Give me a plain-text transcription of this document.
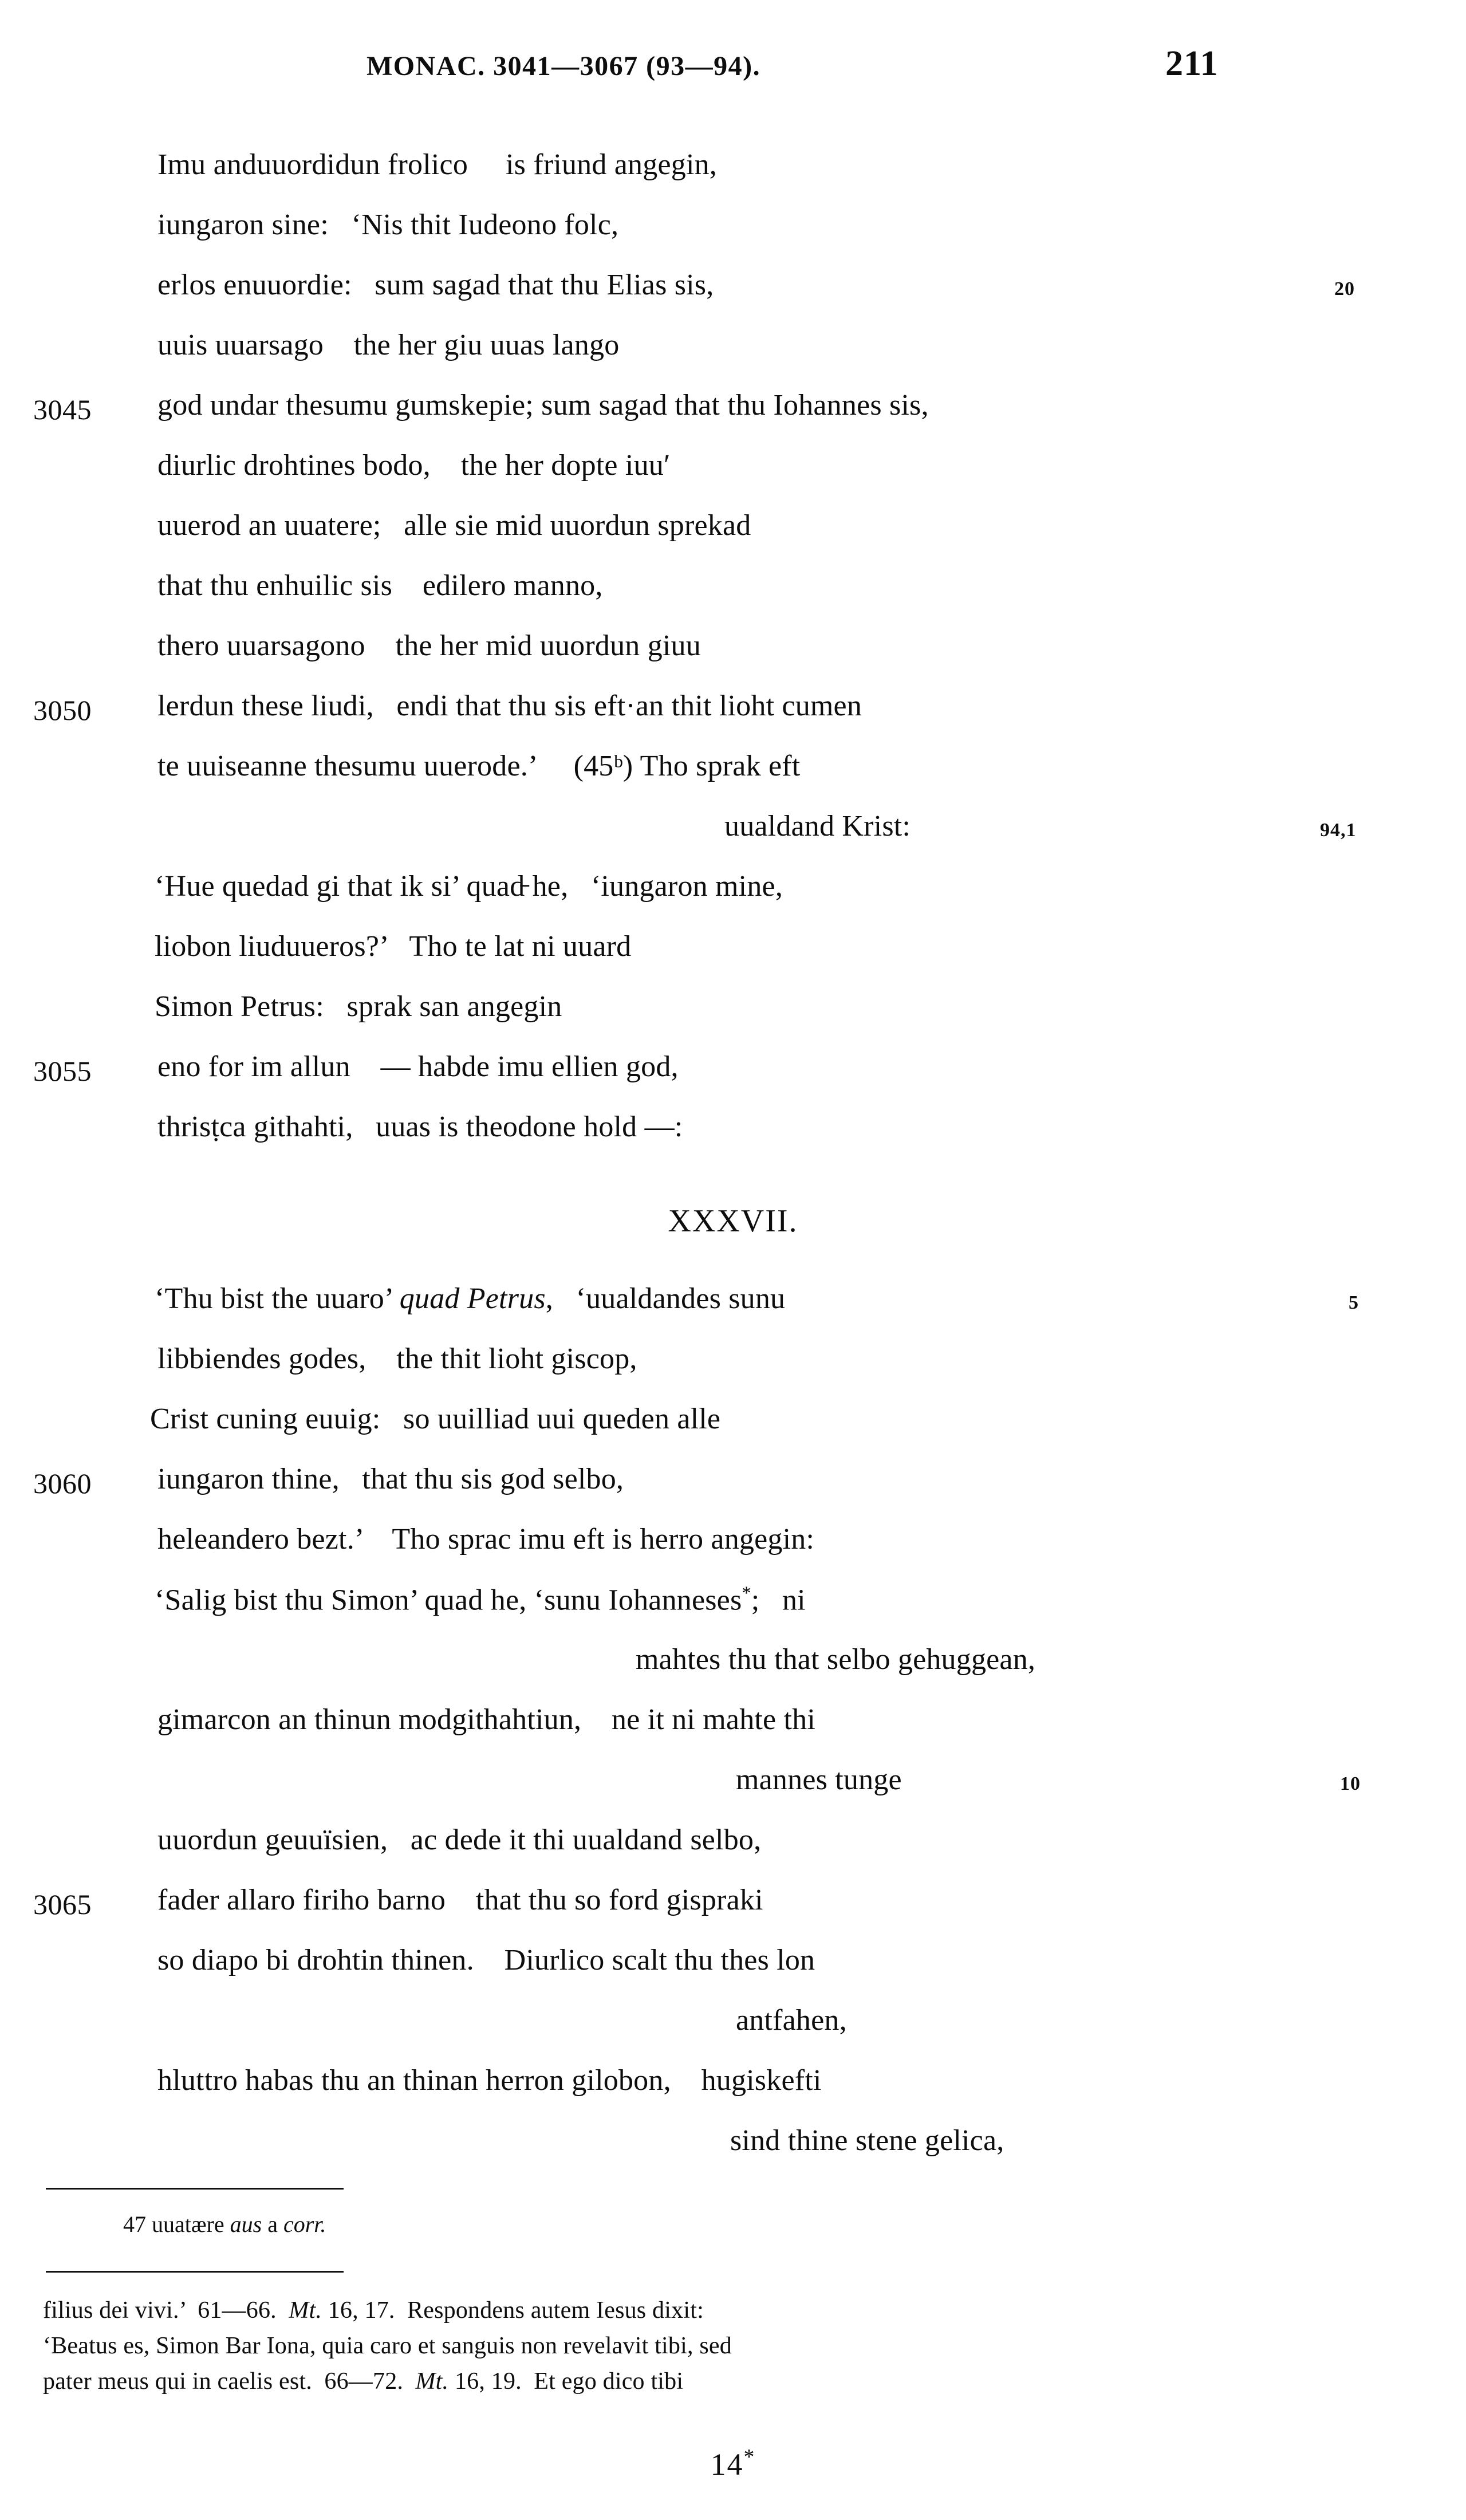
MONAC. 3041—3067 (93—94).	211
Imu anduuordidun frolico     is friund angegin,
iungaron sine:   ‘Nis thit Iudeono folc,
erlos enuuordie:   sum sagad that thu Elias sis,	20
uuis uuarsago    the her giu uuas lango
3045	god undar thesumu gumskepie; sum sagad that thu Iohannes sis,
diurlic drohtines bodo,    the her dopte iuuʹ
uuerod an uuatere;   alle sie mid uuordun sprekad
that thu enhuilic sis    edilero manno,
thero uuarsagono    the her mid uuordun giuu
3050	lerdun these liudi,   endi that thu sis eft·an thit lioht cumen
te uuiseanne thesumu uuerode.’     (45ᵇ) Tho sprak eft
uualdand Krist:	94,1
‘Hue quedad gi that ik si’ quad̵ he,   ‘iungaron mine,
liobon liuduueros?’   Tho te lat ni uuard
Simon Petrus:   sprak san angegin
3055	eno for im allun    — habde imu ellien god,
thrisṭca githahti,   uuas is theodone hold —:
XXXVII.
‘Thu bist the uuaro’ quad Petrus,   ‘uualdandes sunu	5
libbiendes godes,    the thit lioht giscop,
Crist cuning euuig:   so uuilliad uui queden alle
3060	iungaron thine,   that thu sis god selbo,
heleandero bezt.’    Tho sprac imu eft is herro angegin:
‘Salig bist thu Simon’ quad he, ‘sunu Iohanneses*;   ni
mahtes thu that selbo gehuggean,
gimarcon an thinun modgithahtiun,    ne it ni mahte thi
mannes tunge	10
uuordun geuuïsien,   ac dede it thi uualdand selbo,
3065	fader allaro firiho barno    that thu so ford gispraki
so diapo bi drohtin thinen.    Diurlico scalt thu thes lon
antfahen,
hluttro habas thu an thinan herron gilobon,    hugiskefti
sind thine stene gelica,
47 uuatære aus a corr.
filius dei vivi.’  61—66.  Mt. 16, 17.  Respondens autem Iesus dixit:
‘Beatus es, Simon Bar Iona, quia caro et sanguis non revelavit tibi, sed
pater meus qui in caelis est.  66—72.  Mt. 16, 19.  Et ego dico tibi
14*
